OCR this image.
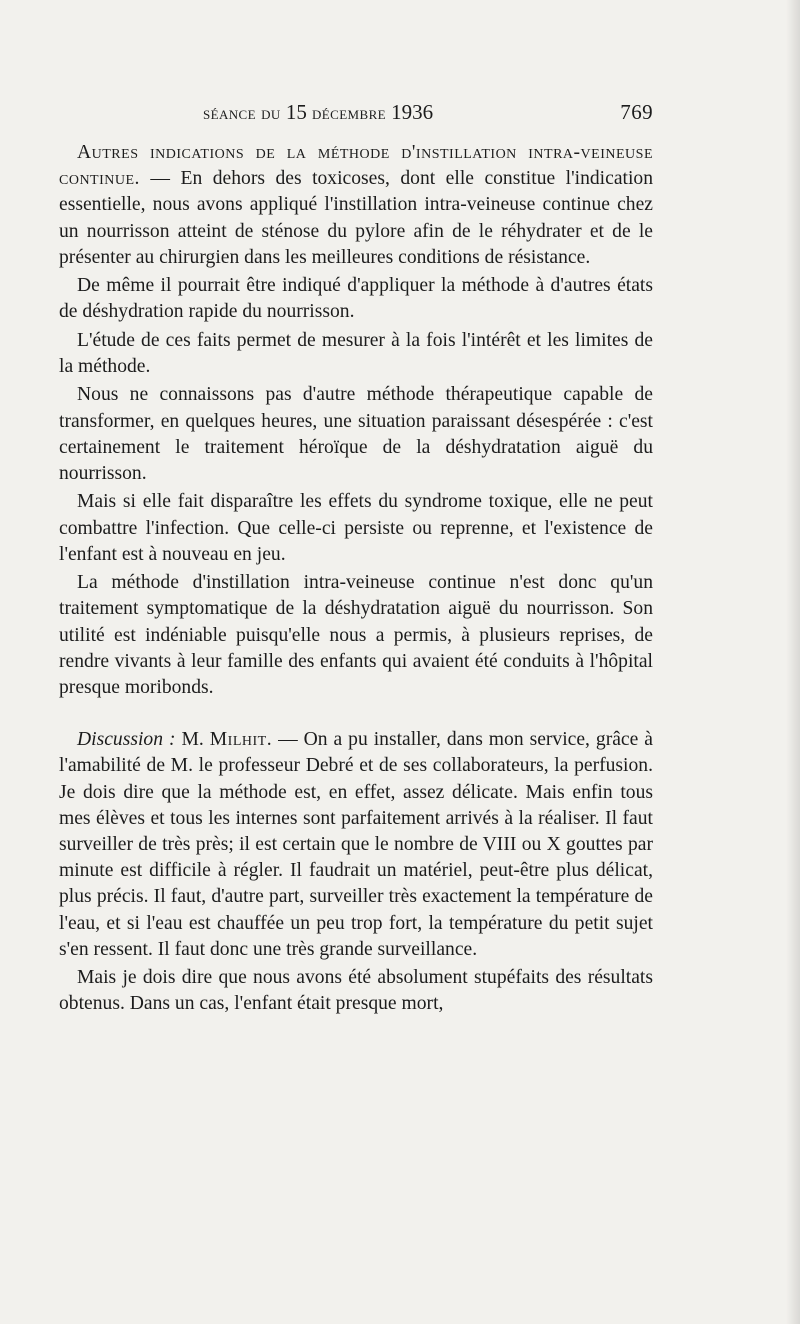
séance du 15 décembre 1936	769

Autres indications de la méthode d'instillation intra-veineuse continue. — En dehors des toxicoses, dont elle constitue l'indication essentielle, nous avons appliqué l'instillation intra-veineuse continue chez un nourrisson atteint de sténose du pylore afin de le réhydrater et de le présenter au chirurgien dans les meilleures conditions de résistance.

De même il pourrait être indiqué d'appliquer la méthode à d'autres états de déshydration rapide du nourrisson.

L'étude de ces faits permet de mesurer à la fois l'intérêt et les limites de la méthode.

Nous ne connaissons pas d'autre méthode thérapeutique capable de transformer, en quelques heures, une situation paraissant désespérée : c'est certainement le traitement héroïque de la déshydratation aiguë du nourrisson.

Mais si elle fait disparaître les effets du syndrome toxique, elle ne peut combattre l'infection. Que celle-ci persiste ou reprenne, et l'existence de l'enfant est à nouveau en jeu.

La méthode d'instillation intra-veineuse continue n'est donc qu'un traitement symptomatique de la déshydratation aiguë du nourrisson. Son utilité est indéniable puisqu'elle nous a permis, à plusieurs reprises, de rendre vivants à leur famille des enfants qui avaient été conduits à l'hôpital presque moribonds.

Discussion : M. Milhit. — On a pu installer, dans mon service, grâce à l'amabilité de M. le professeur Debré et de ses collaborateurs, la perfusion. Je dois dire que la méthode est, en effet, assez délicate. Mais enfin tous mes élèves et tous les internes sont parfaitement arrivés à la réaliser. Il faut surveiller de très près; il est certain que le nombre de VIII ou X gouttes par minute est difficile à régler. Il faudrait un matériel, peut-être plus délicat, plus précis. Il faut, d'autre part, surveiller très exactement la température de l'eau, et si l'eau est chauffée un peu trop fort, la température du petit sujet s'en ressent. Il faut donc une très grande surveillance.

Mais je dois dire que nous avons été absolument stupéfaits des résultats obtenus. Dans un cas, l'enfant était presque mort,
